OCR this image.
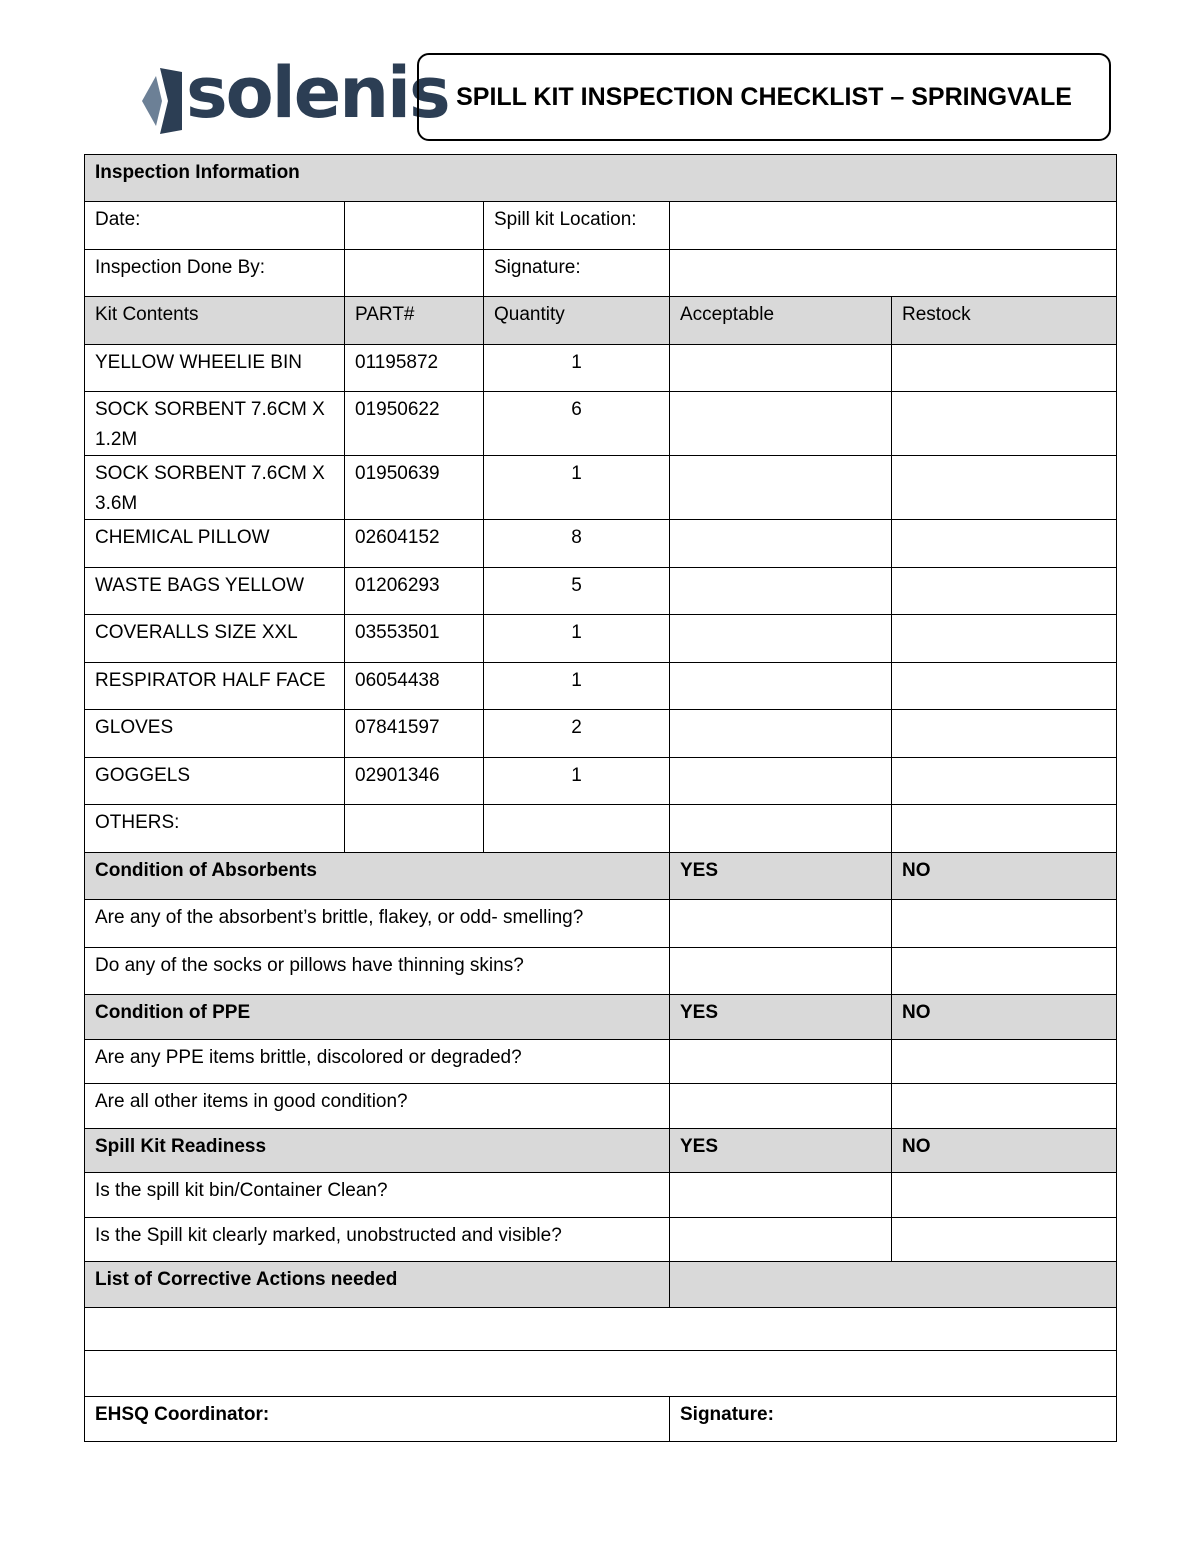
solenis SPILL KIT INSPECTION CHECKLIST – SPRINGVALE
Inspection Information				
Date:		Spill kit Location:		
Inspection Done By:		Signature:		
Kit Contents	PART#	Quantity	Acceptable	Restock
YELLOW WHEELIE BIN	01195872	1		
SOCK SORBENT 7.6CM X 1.2M	01950622	6		
SOCK SORBENT 7.6CM X 3.6M	01950639	1		
CHEMICAL PILLOW	02604152	8		
WASTE BAGS YELLOW	01206293	5		
COVERALLS SIZE XXL	03553501	1		
RESPIRATOR HALF FACE	06054438	1		
GLOVES	07841597	2		
GOGGELS	02901346	1		
OTHERS:				
Condition of Absorbents			YES	NO
Are any of the absorbent’s brittle, flakey, or odd- smelling?				
Do any of the socks or pillows have thinning skins?				
Condition of PPE			YES	NO
Are any PPE items brittle, discolored or degraded?				
Are all other items in good condition?				
Spill Kit Readiness			YES	NO
Is the spill kit bin/Container Clean?				
Is the Spill kit clearly marked, unobstructed and visible?				
List of Corrective Actions needed				

EHSQ Coordinator:			Signature:	
